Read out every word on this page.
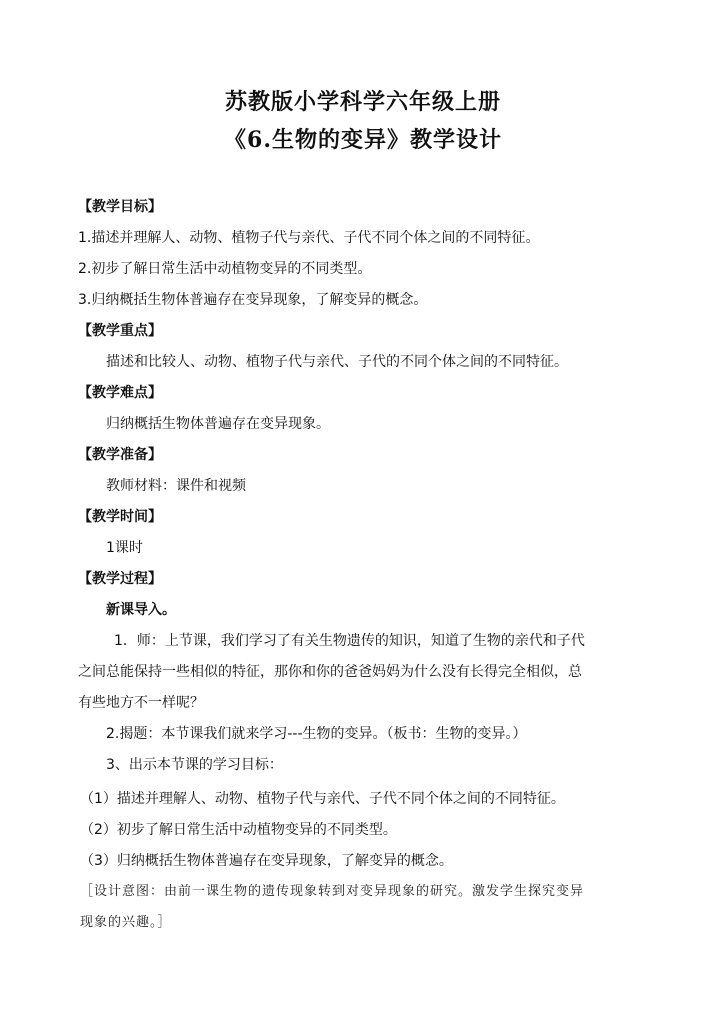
苏教版小学科学六年级上册
《6.生物的变异》教学设计
【教学目标】
1.描述并理解人、动物、植物子代与亲代、子代不同个体之间的不同特征。
2.初步了解日常生活中动植物变异的不同类型。
3.归纳概括生物体普遍存在变异现象，了解变异的概念。
【教学重点】
描述和比较人、动物、植物子代与亲代、子代的不同个体之间的不同特征。
【教学难点】
归纳概括生物体普遍存在变异现象。
【教学准备】
教师材料：课件和视频
【教学时间】
1课时
【教学过程】
新课导入。
1．师：上节课，我们学习了有关生物遗传的知识，知道了生物的亲代和子代
之间总能保持一些相似的特征，那你和你的爸爸妈妈为什么没有长得完全相似，总
有些地方不一样呢？
2.揭题：本节课我们就来学习---生物的变异。（板书：生物的变异。）
3、出示本节课的学习目标：
（1）描述并理解人、动物、植物子代与亲代、子代不同个体之间的不同特征。
（2）初步了解日常生活中动植物变异的不同类型。
（3）归纳概括生物体普遍存在变异现象，了解变异的概念。
［设计意图：由前一课生物的遗传现象转到对变异现象的研究。激发学生探究变异
现象的兴趣。］
